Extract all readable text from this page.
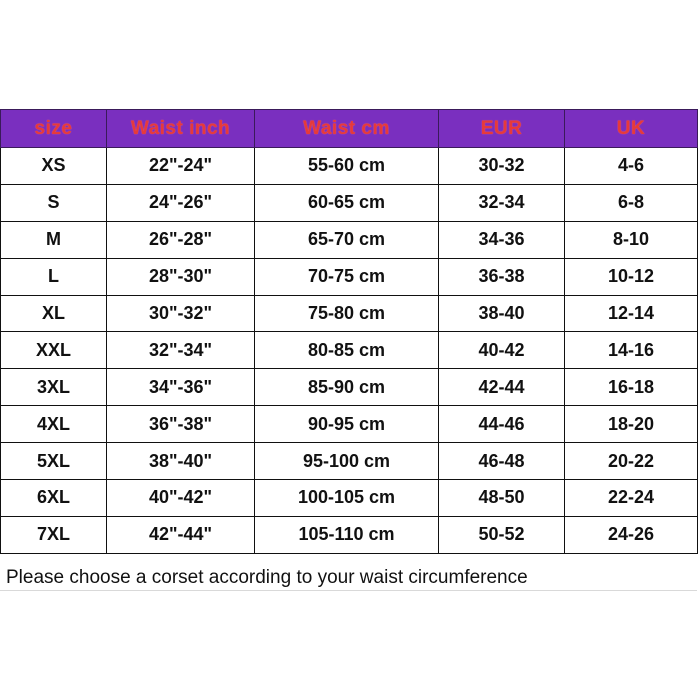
size	Waist inch	Waist cm	EUR	UK
XS	22"-24"	55-60 cm	30-32	4-6
S	24"-26"	60-65 cm	32-34	6-8
M	26"-28"	65-70 cm	34-36	8-10
L	28"-30"	70-75 cm	36-38	10-12
XL	30"-32"	75-80 cm	38-40	12-14
XXL	32"-34"	80-85 cm	40-42	14-16
3XL	34"-36"	85-90 cm	42-44	16-18
4XL	36"-38"	90-95 cm	44-46	18-20
5XL	38"-40"	95-100 cm	46-48	20-22
6XL	40"-42"	100-105 cm	48-50	22-24
7XL	42"-44"	105-110 cm	50-52	24-26
Please choose a corset according to your waist circumference
